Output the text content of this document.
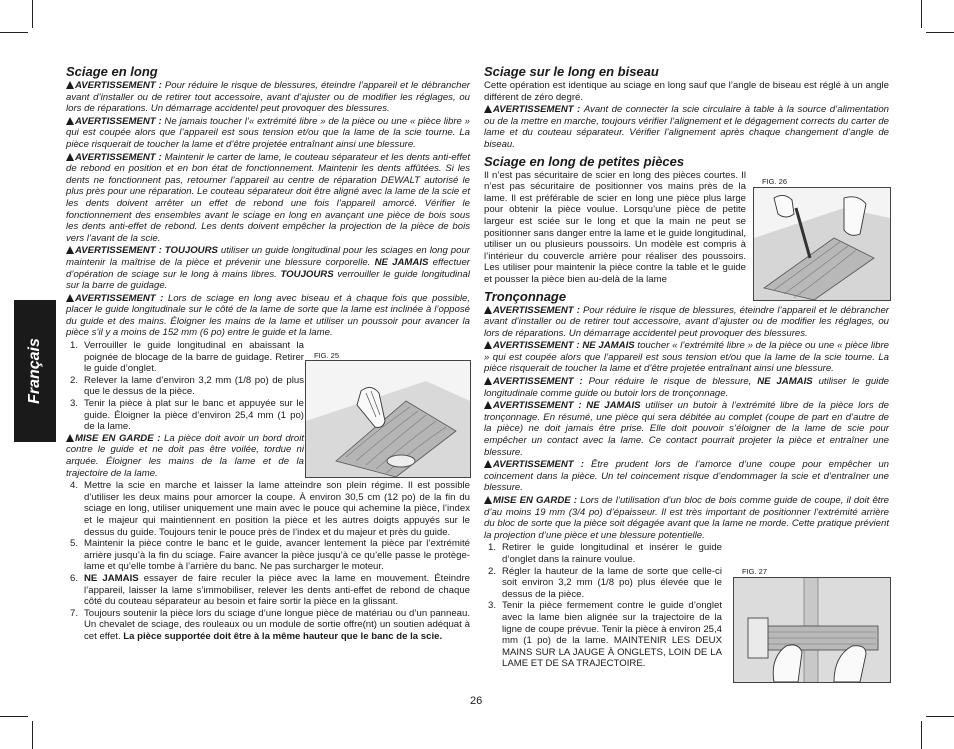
Français
Sciage en long

AVERTISSEMENT : Pour réduire le risque de blessures, éteindre l’appareil et le débrancher avant d’installer ou de retirer tout accessoire, avant d’ajuster ou de modifier les réglages, ou lors de réparations. Un démarrage accidentel peut provoquer des blessures.

AVERTISSEMENT : Ne jamais toucher l’« extrémité libre » de la pièce ou une « pièce libre » qui est coupée alors que l’appareil est sous tension et/ou que la lame de la scie tourne. La pièce risquerait de toucher la lame et d’être projetée entraînant ainsi une blessure.

AVERTISSEMENT : Maintenir le carter de lame, le couteau séparateur et les dents anti-effet de rebond en position et en bon état de fonctionnement. Maintenir les dents affûtées. Si les dents ne fonctionnent pas, retourner l’appareil au centre de réparation DEWALT autorisé le plus près pour une réparation. Le couteau séparateur doit être aligné avec la lame de la scie et les dents doivent arrêter un effet de rebond une fois l’appareil amorcé. Vérifier le fonctionnement des ensembles avant le sciage en long en avançant une pièce de bois sous les dents anti-effet de rebond. Les dents doivent empêcher la projection de la pièce de bois vers l’avant de la scie.

AVERTISSEMENT : TOUJOURS utiliser un guide longitudinal pour les sciages en long pour maintenir la maîtrise de la pièce et prévenir une blessure corporelle. NE JAMAIS effectuer d’opération de sciage sur le long à mains libres. TOUJOURS verrouiller le guide longitudinal sur la barre de guidage.

AVERTISSEMENT : Lors de sciage en long avec biseau et à chaque fois que possible, placer le guide longitudinale sur le côté de la lame de sorte que la lame est inclinée à l’opposé du guide et des mains. Éloigner les mains de la lame et utiliser un poussoir pour avancer la pièce s’il y a moins de 152 mm (6 po) entre le guide et la lame.

1. Verrouiller le guide longitudinal en abaissant la poignée de blocage de la barre de guidage. Retirer le guide d’onglet.
2. Relever la lame d’environ 3,2 mm (1/8 po) de plus que le dessus de la pièce.
3. Tenir la pièce à plat sur le banc et appuyée sur le guide. Éloigner la pièce d’environ 25,4 mm (1 po) de la lame.

MISE EN GARDE : La pièce doit avoir un bord droit contre le guide et ne doit pas être voilée, tordue ni arquée. Éloigner les mains de la lame et de la trajectoire de la lame.

4. Mettre la scie en marche et laisser la lame atteindre son plein régime. Il est possible d’utiliser les deux mains pour amorcer la coupe. À environ 30,5 cm (12 po) de la fin du sciage en long, utiliser uniquement une main avec le pouce qui achemine la pièce, l’index et le majeur qui maintiennent en position la pièce et les autres doigts appuyés sur le dessus du guide. Toujours tenir le pouce près de l’index et du majeur et près du guide.
5. Maintenir la pièce contre le banc et le guide, avancer lentement la pièce par l’extrémité arrière jusqu’à la fin du sciage. Faire avancer la pièce jusqu’à ce qu’elle passe le protège-lame et qu’elle tombe à l’arrière du banc. Ne pas surcharger le moteur.
6. NE JAMAIS essayer de faire reculer la pièce avec la lame en mouvement. Éteindre l’appareil, laisser la lame s’immobiliser, relever les dents anti-effet de rebond de chaque côté du couteau séparateur au besoin et faire sortir la pièce en la glissant.
7. Toujours soutenir la pièce lors du sciage d’une longue pièce de matériau ou d’un panneau. Un chevalet de sciage, des rouleaux ou un module de sortie offre(nt) un soutien adéquat à cet effet. La pièce supportée doit être à la même hauteur que le banc de la scie.
FIG. 25
Sciage sur le long en biseau

Cette opération est identique au sciage en long sauf que l’angle de biseau est réglé à un angle différent de zéro degré.

AVERTISSEMENT : Avant de connecter la scie circulaire à table à la source d’alimentation ou de la mettre en marche, toujours vérifier l’alignement et le dégagement corrects du carter de lame et du couteau séparateur. Vérifier l’alignement après chaque changement d’angle de biseau.

Sciage en long de petites pièces

Il n’est pas sécuritaire de scier en long des pièces courtes. Il n’est pas sécuritaire de positionner vos mains près de la lame. Il est préférable de scier en long une pièce plus large pour obtenir la pièce voulue. Lorsqu’une pièce de petite largeur est sciée sur le long et que la main ne peut se positionner sans danger entre la lame et le guide longitudinal, utiliser un ou plusieurs poussoirs. Un modèle est compris à l’intérieur du couvercle arrière pour réaliser des poussoirs. Les utiliser pour maintenir la pièce contre la table et le guide et pousser la pièce bien au-delà de la lame

Tronçonnage

AVERTISSEMENT : Pour réduire le risque de blessures, éteindre l’appareil et le débrancher avant d’installer ou de retirer tout accessoire, avant d’ajuster ou de modifier les réglages, ou lors de réparations. Un démarrage accidentel peut provoquer des blessures.

AVERTISSEMENT : NE JAMAIS toucher « l’extrémité libre » de la pièce ou une « pièce libre » qui est coupée alors que l’appareil est sous tension et/ou que la lame de la scie tourne. La pièce risquerait de toucher la lame et d’être projetée entraînant ainsi une blessure.

AVERTISSEMENT : Pour réduire le risque de blessure, NE JAMAIS utiliser le guide longitudinale comme guide ou butoir lors de tronçonnage.

AVERTISSEMENT : NE JAMAIS utiliser un butoir à l’extrémité libre de la pièce lors de tronçonnage. En résumé, une pièce qui sera débitée au complet (coupe de part en d’autre de la pièce) ne doit jamais être prise. Elle doit pouvoir s’éloigner de la lame de scie pour empêcher un contact avec la lame. Ce contact pourrait projeter la pièce et entraîner une blessure.

AVERTISSEMENT : Être prudent lors de l’amorce d’une coupe pour empêcher un coincement dans la pièce. Un tel coincement risque d’endommager la scie et d’entraîner une blessure.

MISE EN GARDE : Lors de l’utilisation d’un bloc de bois comme guide de coupe, il doit être d’au moins 19 mm (3/4 po) d’épaisseur. Il est très important de positionner l’extrémité arrière du bloc de sorte que la pièce soit dégagée avant que la lame ne morde. Cette pratique prévient la projection d’une pièce et une blessure potentielle.

1. Retirer le guide longitudinal et insérer le guide d’onglet dans la rainure voulue.
2. Régler la hauteur de la lame de sorte que celle-ci soit environ 3,2 mm (1/8 po) plus élevée que le dessus de la pièce.
3. Tenir la pièce fermement contre le guide d’onglet avec la lame bien alignée sur la trajectoire de la ligne de coupe prévue. Tenir la pièce à environ 25,4 mm (1 po) de la lame. MAINTENIR LES DEUX MAINS SUR LA JAUGE À ONGLETS, LOIN DE LA LAME ET DE SA TRAJECTOIRE.
FIG. 26
FIG. 27
26
